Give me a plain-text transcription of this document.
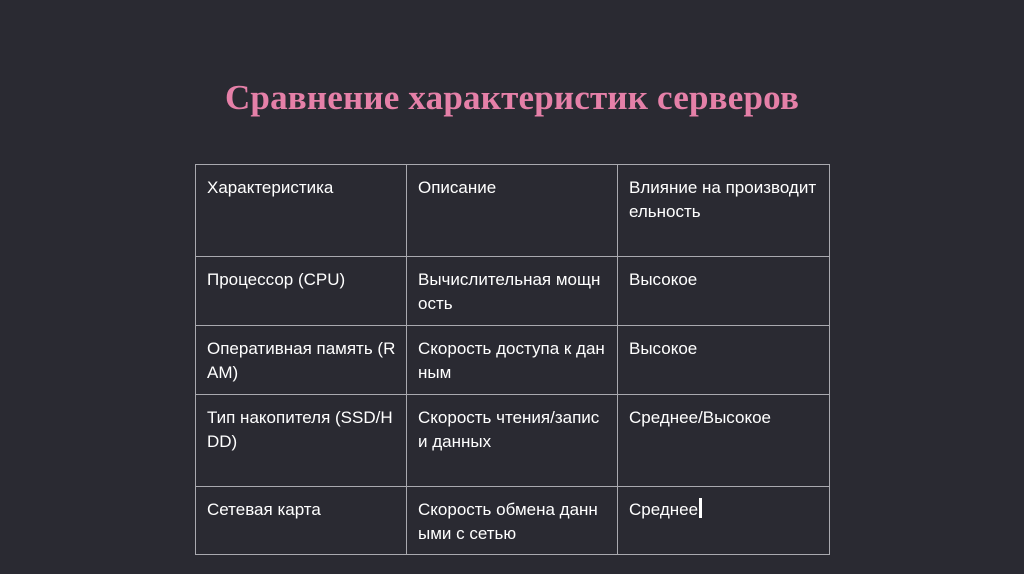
Сравнение характеристик серверов
Характеристика	Описание	Влияние на производительность
Процессор (CPU)	Вычислительная мощность	Высокое
Оперативная память (RAM)	Скорость доступа к данным	Высокое
Тип накопителя (SSD/HDD)	Скорость чтения/записи данных	Среднее/Высокое
Сетевая карта	Скорость обмена данными с сетью	Среднее
